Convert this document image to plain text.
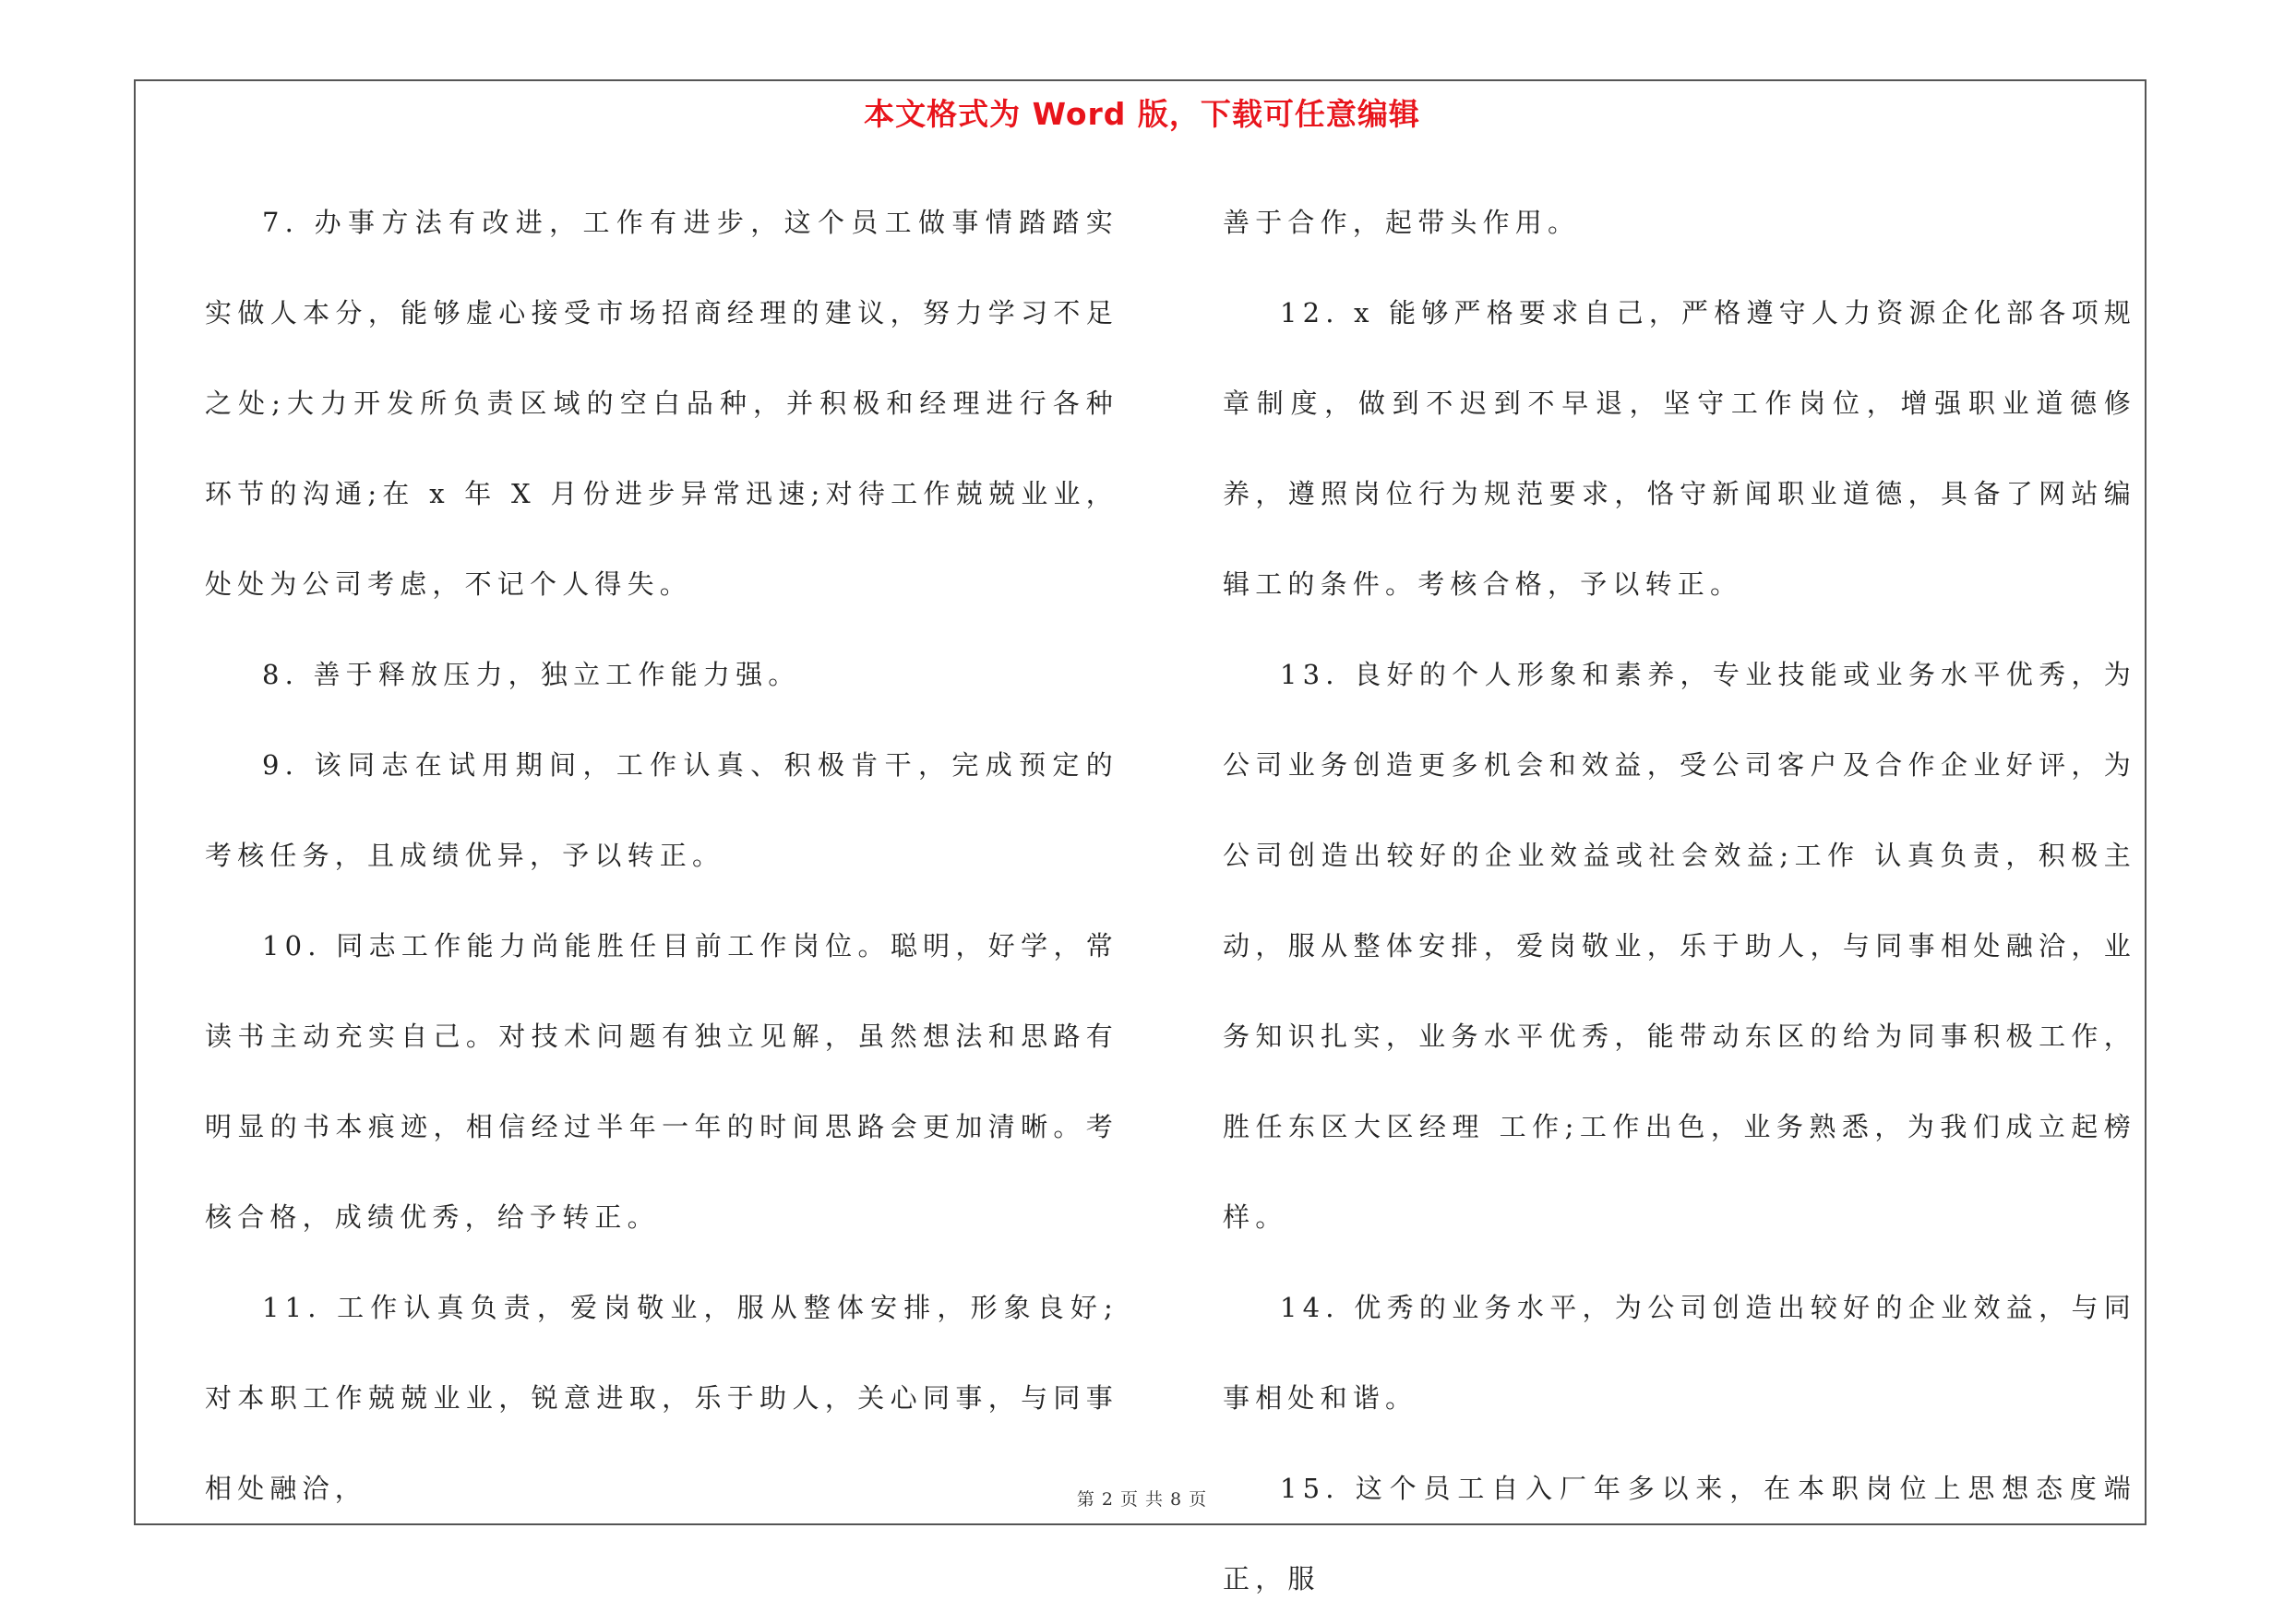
本文格式为 Word 版，下载可任意编辑

7. 办事方法有改进，工作有进步，这个员工做事情踏踏实实做人本分，能够虚心接受市场招商经理的建议，努力学习不足之处;大力开发所负责区域的空白品种，并积极和经理进行各种环节的沟通;在 x 年 X 月份进步异常迅速;对待工作兢兢业业，处处为公司考虑，不记个人得失。

8. 善于释放压力，独立工作能力强。

9. 该同志在试用期间，工作认真、积极肯干，完成预定的考核任务，且成绩优异，予以转正。

10. 同志工作能力尚能胜任目前工作岗位。聪明，好学，常读书主动充实自己。对技术问题有独立见解，虽然想法和思路有明显的书本痕迹，相信经过半年一年的时间思路会更加清晰。考核合格，成绩优秀，给予转正。

11. 工作认真负责，爱岗敬业，服从整体安排，形象良好;对本职工作兢兢业业，锐意进取，乐于助人，关心同事，与同事相处融洽，

善于合作，起带头作用。

12. x 能够严格要求自己，严格遵守人力资源企化部各项规章制度，做到不迟到不早退，坚守工作岗位，增强职业道德修养，遵照岗位行为规范要求，恪守新闻职业道德，具备了网站编辑工的条件。考核合格，予以转正。

13. 良好的个人形象和素养，专业技能或业务水平优秀，为公司业务创造更多机会和效益，受公司客户及合作企业好评，为公司创造出较好的企业效益或社会效益;工作 认真负责，积极主动，服从整体安排，爱岗敬业，乐于助人，与同事相处融洽，业务知识扎实，业务水平优秀，能带动东区的给为同事积极工作，胜任东区大区经理 工作;工作出色，业务熟悉，为我们成立起榜样。

14. 优秀的业务水平，为公司创造出较好的企业效益，与同事相处和谐。

15. 这个员工自入厂年多以来，在本职岗位上思想态度端正，服

第 2 页 共 8 页
